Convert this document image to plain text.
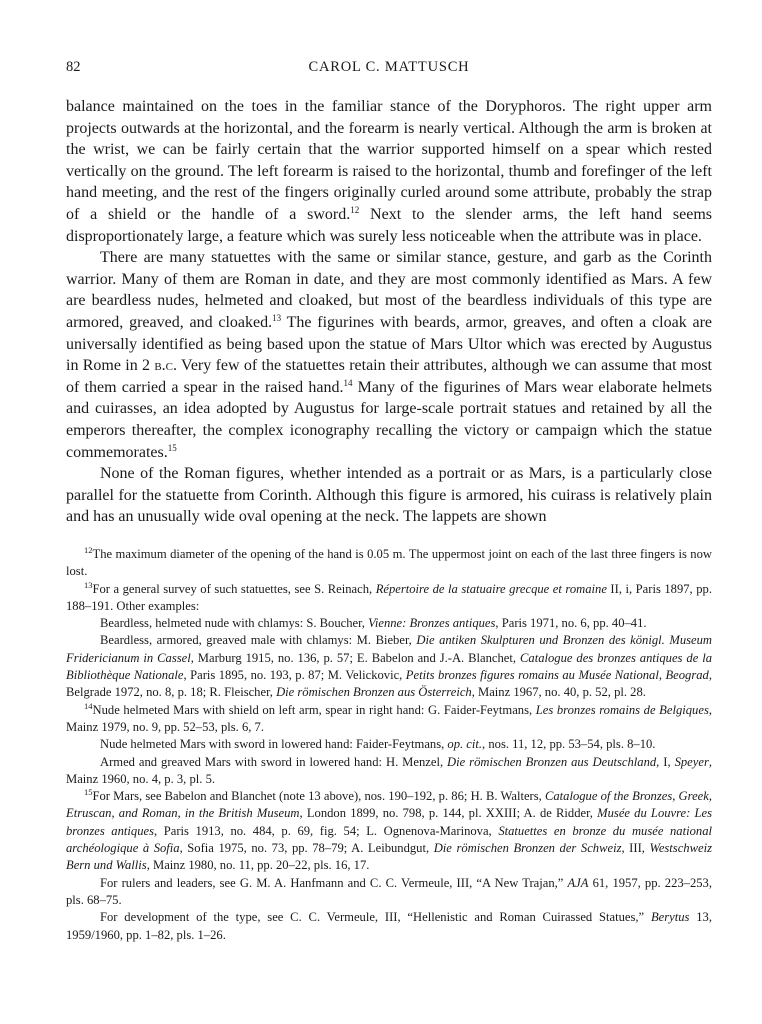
82	CAROL C. MATTUSCH

balance maintained on the toes in the familiar stance of the Doryphoros. The right upper arm projects outwards at the horizontal, and the forearm is nearly vertical. Although the arm is broken at the wrist, we can be fairly certain that the warrior supported himself on a spear which rested vertically on the ground. The left forearm is raised to the horizontal, thumb and forefinger of the left hand meeting, and the rest of the fingers originally curled around some attribute, probably the strap of a shield or the handle of a sword.$^{12}$ Next to the slender arms, the left hand seems disproportionately large, a feature which was surely less noticeable when the attribute was in place.

There are many statuettes with the same or similar stance, gesture, and garb as the Corinth warrior. Many of them are Roman in date, and they are most commonly identified as Mars. A few are beardless nudes, helmeted and cloaked, but most of the beardless individuals of this type are armored, greaved, and cloaked.$^{13}$ The figurines with beards, armor, greaves, and often a cloak are universally identified as being based upon the statue of Mars Ultor which was erected by Augustus in Rome in 2 b.c. Very few of the statuettes retain their attributes, although we can assume that most of them carried a spear in the raised hand.$^{14}$ Many of the figurines of Mars wear elaborate helmets and cuirasses, an idea adopted by Augustus for large-scale portrait statues and retained by all the emperors thereafter, the complex iconography recalling the victory or campaign which the statue commemorates.$^{15}$

None of the Roman figures, whether intended as a portrait or as Mars, is a particularly close parallel for the statuette from Corinth. Although this figure is armored, his cuirass is relatively plain and has an unusually wide oval opening at the neck. The lappets are shown

$^{12}$The maximum diameter of the opening of the hand is 0.05 m. The uppermost joint on each of the last three fingers is now lost.

$^{13}$For a general survey of such statuettes, see S. Reinach, Répertoire de la statuaire grecque et romaine II, i, Paris 1897, pp. 188–191. Other examples:

Beardless, helmeted nude with chlamys: S. Boucher, Vienne: Bronzes antiques, Paris 1971, no. 6, pp. 40–41.

Beardless, armored, greaved male with chlamys: M. Bieber, Die antiken Skulpturen und Bronzen des königl. Museum Fridericianum in Cassel, Marburg 1915, no. 136, p. 57; E. Babelon and J.-A. Blanchet, Catalogue des bronzes antiques de la Bibliothèque Nationale, Paris 1895, no. 193, p. 87; M. Velickovic, Petits bronzes figures romains au Musée National, Beograd, Belgrade 1972, no. 8, p. 18; R. Fleischer, Die römischen Bronzen aus Österreich, Mainz 1967, no. 40, p. 52, pl. 28.

$^{14}$Nude helmeted Mars with shield on left arm, spear in right hand: G. Faider-Feytmans, Les bronzes romains de Belgiques, Mainz 1979, no. 9, pp. 52–53, pls. 6, 7.

Nude helmeted Mars with sword in lowered hand: Faider-Feytmans, op. cit., nos. 11, 12, pp. 53–54, pls. 8–10.

Armed and greaved Mars with sword in lowered hand: H. Menzel, Die römischen Bronzen aus Deutschland, I, Speyer, Mainz 1960, no. 4, p. 3, pl. 5.

$^{15}$For Mars, see Babelon and Blanchet (note 13 above), nos. 190–192, p. 86; H. B. Walters, Catalogue of the Bronzes, Greek, Etruscan, and Roman, in the British Museum, London 1899, no. 798, p. 144, pl. XXIII; A. de Ridder, Musée du Louvre: Les bronzes antiques, Paris 1913, no. 484, p. 69, fig. 54; L. Ognenova-Marinova, Statuettes en bronze du musée national archéologique à Sofia, Sofia 1975, no. 73, pp. 78–79; A. Leibundgut, Die römischen Bronzen der Schweiz, III, Westschweiz Bern und Wallis, Mainz 1980, no. 11, pp. 20–22, pls. 16, 17.

For rulers and leaders, see G. M. A. Hanfmann and C. C. Vermeule, III, “A New Trajan,” AJA 61, 1957, pp. 223–253, pls. 68–75.

For development of the type, see C. C. Vermeule, III, “Hellenistic and Roman Cuirassed Statues,” Berytus 13, 1959/1960, pp. 1–82, pls. 1–26.
